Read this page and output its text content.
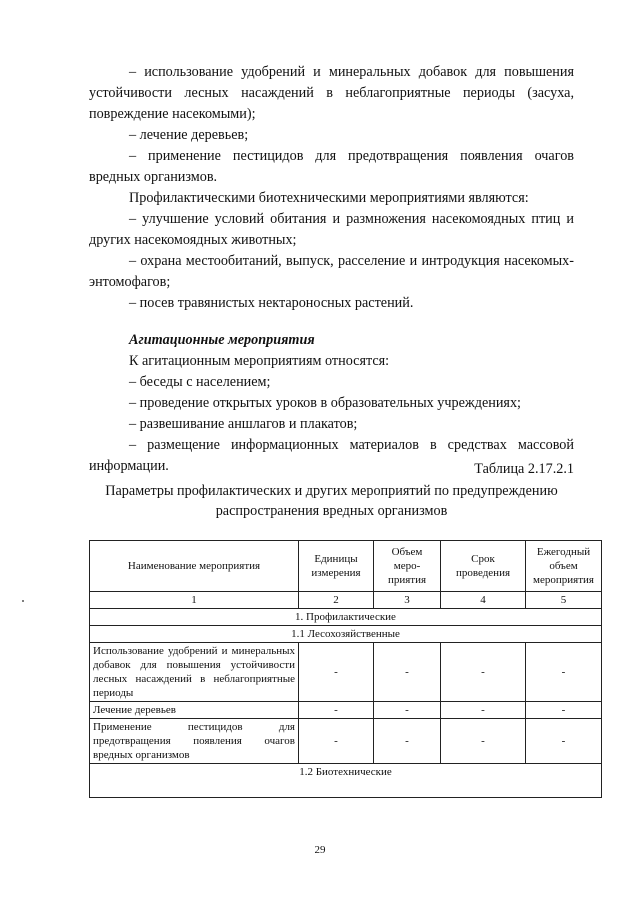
– использование удобрений и минеральных добавок для повышения устойчивости лесных насаждений в неблагоприятные периоды (засуха, повреждение насекомыми);

– лечение деревьев;

– применение пестицидов для предотвращения появления очагов вредных организмов.

Профилактическими биотехническими мероприятиями являются:

– улучшение условий обитания и размножения насекомоядных птиц и других насекомоядных животных;

– охрана местообитаний, выпуск, расселение и интродукция насекомых-энтомофагов;

– посев травянистых нектароносных растений.

Агитационные мероприятия

К агитационным мероприятиям относятся:

– беседы с населением;

– проведение открытых уроков в образовательных учреждениях;

– развешивание аншлагов и плакатов;

– размещение информационных материалов в средствах массовой информации.	Таблица 2.17.2.1
Параметры профилактических и других мероприятий по предупреждению распространения вредных организмов
Наименование мероприятия	Единицы измерения	Объем меро-приятия	Срок проведения	Ежегодный объем мероприятия
1	2	3	4	5
1. Профилактические				
1.1 Лесохозяйственные				
Использование удобрений и минеральных добавок для повышения устойчивости лесных насаждений в неблагоприятные периоды	-	-	-	-
Лечение деревьев	-	-	-	-
Применение пестицидов для предотвращения появления очагов вредных организмов	-	-	-	-
1.2 Биотехнические				
29
